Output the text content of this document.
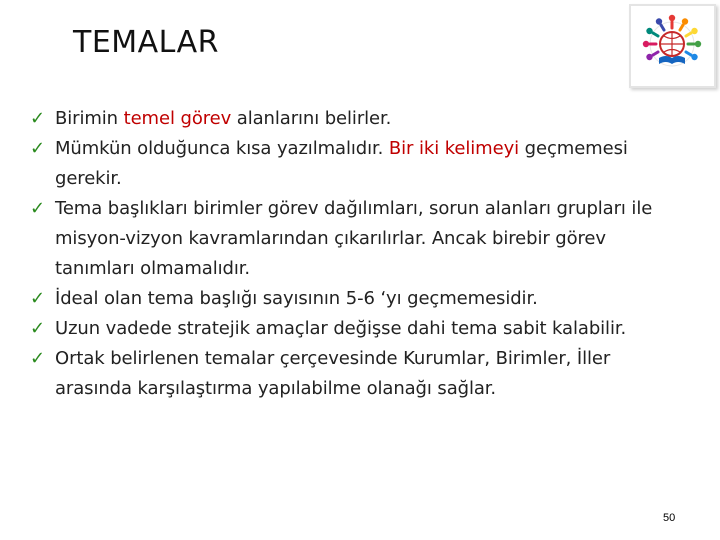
TEMALAR
✓ Birimin temel görev alanlarını belirler.
✓ Mümkün olduğunca kısa yazılmalıdır. Bir iki kelimeyi geçmemesi gerekir.
✓ Tema başlıkları birimler görev dağılımları, sorun alanları grupları ile misyon-vizyon kavramlarından çıkarılırlar. Ancak birebir görev tanımları olmamalıdır.
✓ İdeal olan tema başlığı sayısının 5-6 ‘yı geçmemesidir.
✓ Uzun vadede stratejik amaçlar değişse dahi tema sabit kalabilir.
✓ Ortak belirlenen temalar çerçevesinde Kurumlar, Birimler, İller arasında karşılaştırma yapılabilme olanağı sağlar.
50
